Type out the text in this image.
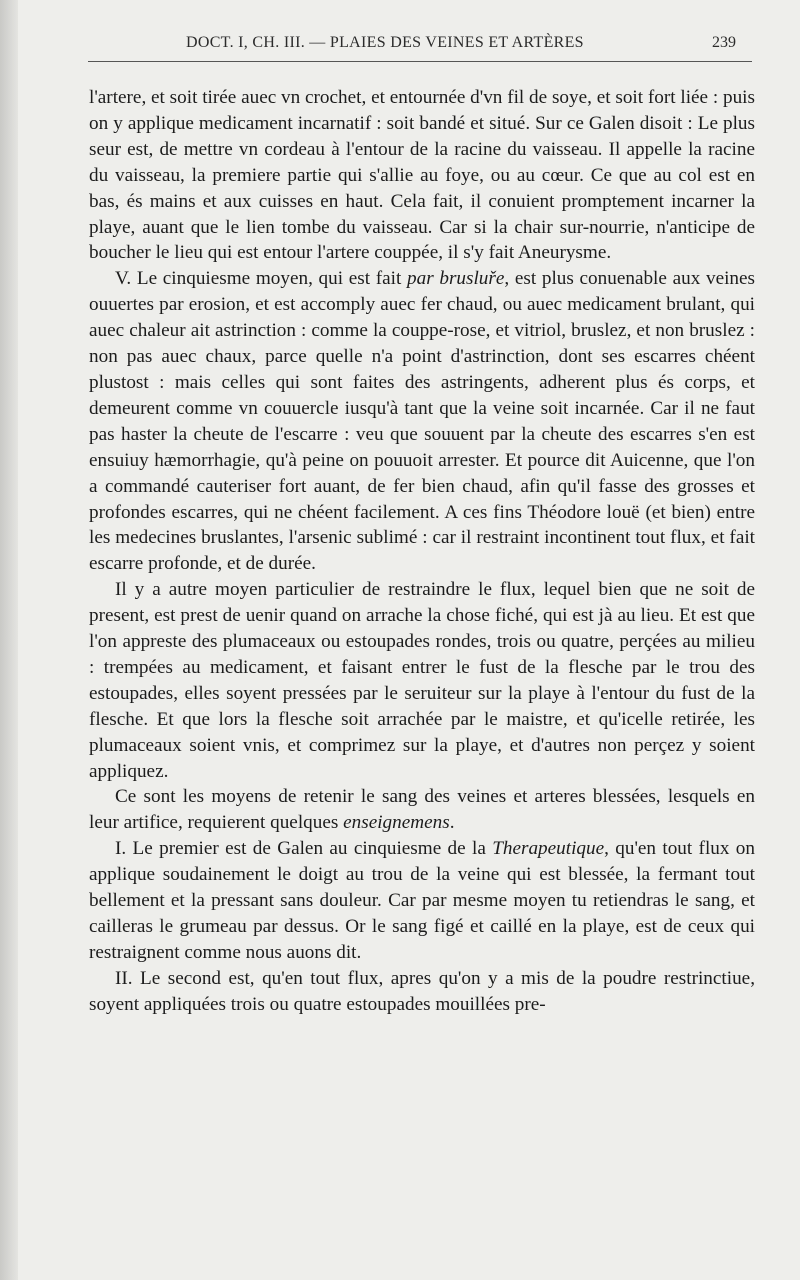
DOCT. I, CH. III. — PLAIES DES VEINES ET ARTÈRES	239

l'artere, et soit tirée auec vn crochet, et entournée d'vn fil de soye, et soit fort liée : puis on y applique medicament incarnatif : soit bandé et situé. Sur ce Galen disoit : Le plus seur est, de mettre vn cordeau à l'entour de la racine du vaisseau. Il appelle la racine du vaisseau, la premiere partie qui s'allie au foye, ou au cœur. Ce que au col est en bas, és mains et aux cuisses en haut. Cela fait, il conuient promptement incarner la playe, auant que le lien tombe du vaisseau. Car si la chair sur-nourrie, n'anticipe de boucher le lieu qui est entour l'artere couppée, il s'y fait Aneurysme.

V. Le cinquiesme moyen, qui est fait par brusluře, est plus conuenable aux veines ouuertes par erosion, et est accomply auec fer chaud, ou auec medicament brulant, qui auec chaleur ait astrinction : comme la couppe-rose, et vitriol, bruslez, et non bruslez : non pas auec chaux, parce quelle n'a point d'astrinction, dont ses escarres chéent plustost : mais celles qui sont faites des astringents, adherent plus és corps, et demeurent comme vn couuercle iusqu'à tant que la veine soit incarnée. Car il ne faut pas haster la cheute de l'escarre : veu que souuent par la cheute des escarres s'en est ensuiuy hæmorrhagie, qu'à peine on pouuoit arrester. Et pource dit Auicenne, que l'on a commandé cauteriser fort auant, de fer bien chaud, afin qu'il fasse des grosses et profondes escarres, qui ne chéent facilement. A ces fins Théodore louë (et bien) entre les medecines bruslantes, l'arsenic sublimé : car il restraint incontinent tout flux, et fait escarre profonde, et de durée.

Il y a autre moyen particulier de restraindre le flux, lequel bien que ne soit de present, est prest de uenir quand on arrache la chose fiché, qui est jà au lieu. Et est que l'on appreste des plumaceaux ou estoupades rondes, trois ou quatre, perçées au milieu : trempées au medicament, et faisant entrer le fust de la flesche par le trou des estoupades, elles soyent pressées par le seruiteur sur la playe à l'entour du fust de la flesche. Et que lors la flesche soit arrachée par le maistre, et qu'icelle retirée, les plumaceaux soient vnis, et comprimez sur la playe, et d'autres non perçez y soient appliquez.

Ce sont les moyens de retenir le sang des veines et arteres blessées, lesquels en leur artifice, requierent quelques enseignemens.

I. Le premier est de Galen au cinquiesme de la Therapeutique, qu'en tout flux on applique soudainement le doigt au trou de la veine qui est blessée, la fermant tout bellement et la pressant sans douleur. Car par mesme moyen tu retiendras le sang, et cailleras le grumeau par dessus. Or le sang figé et caillé en la playe, est de ceux qui restraignent comme nous auons dit.

II. Le second est, qu'en tout flux, apres qu'on y a mis de la poudre restrinctiue, soyent appliquées trois ou quatre estoupades mouillées pre-
